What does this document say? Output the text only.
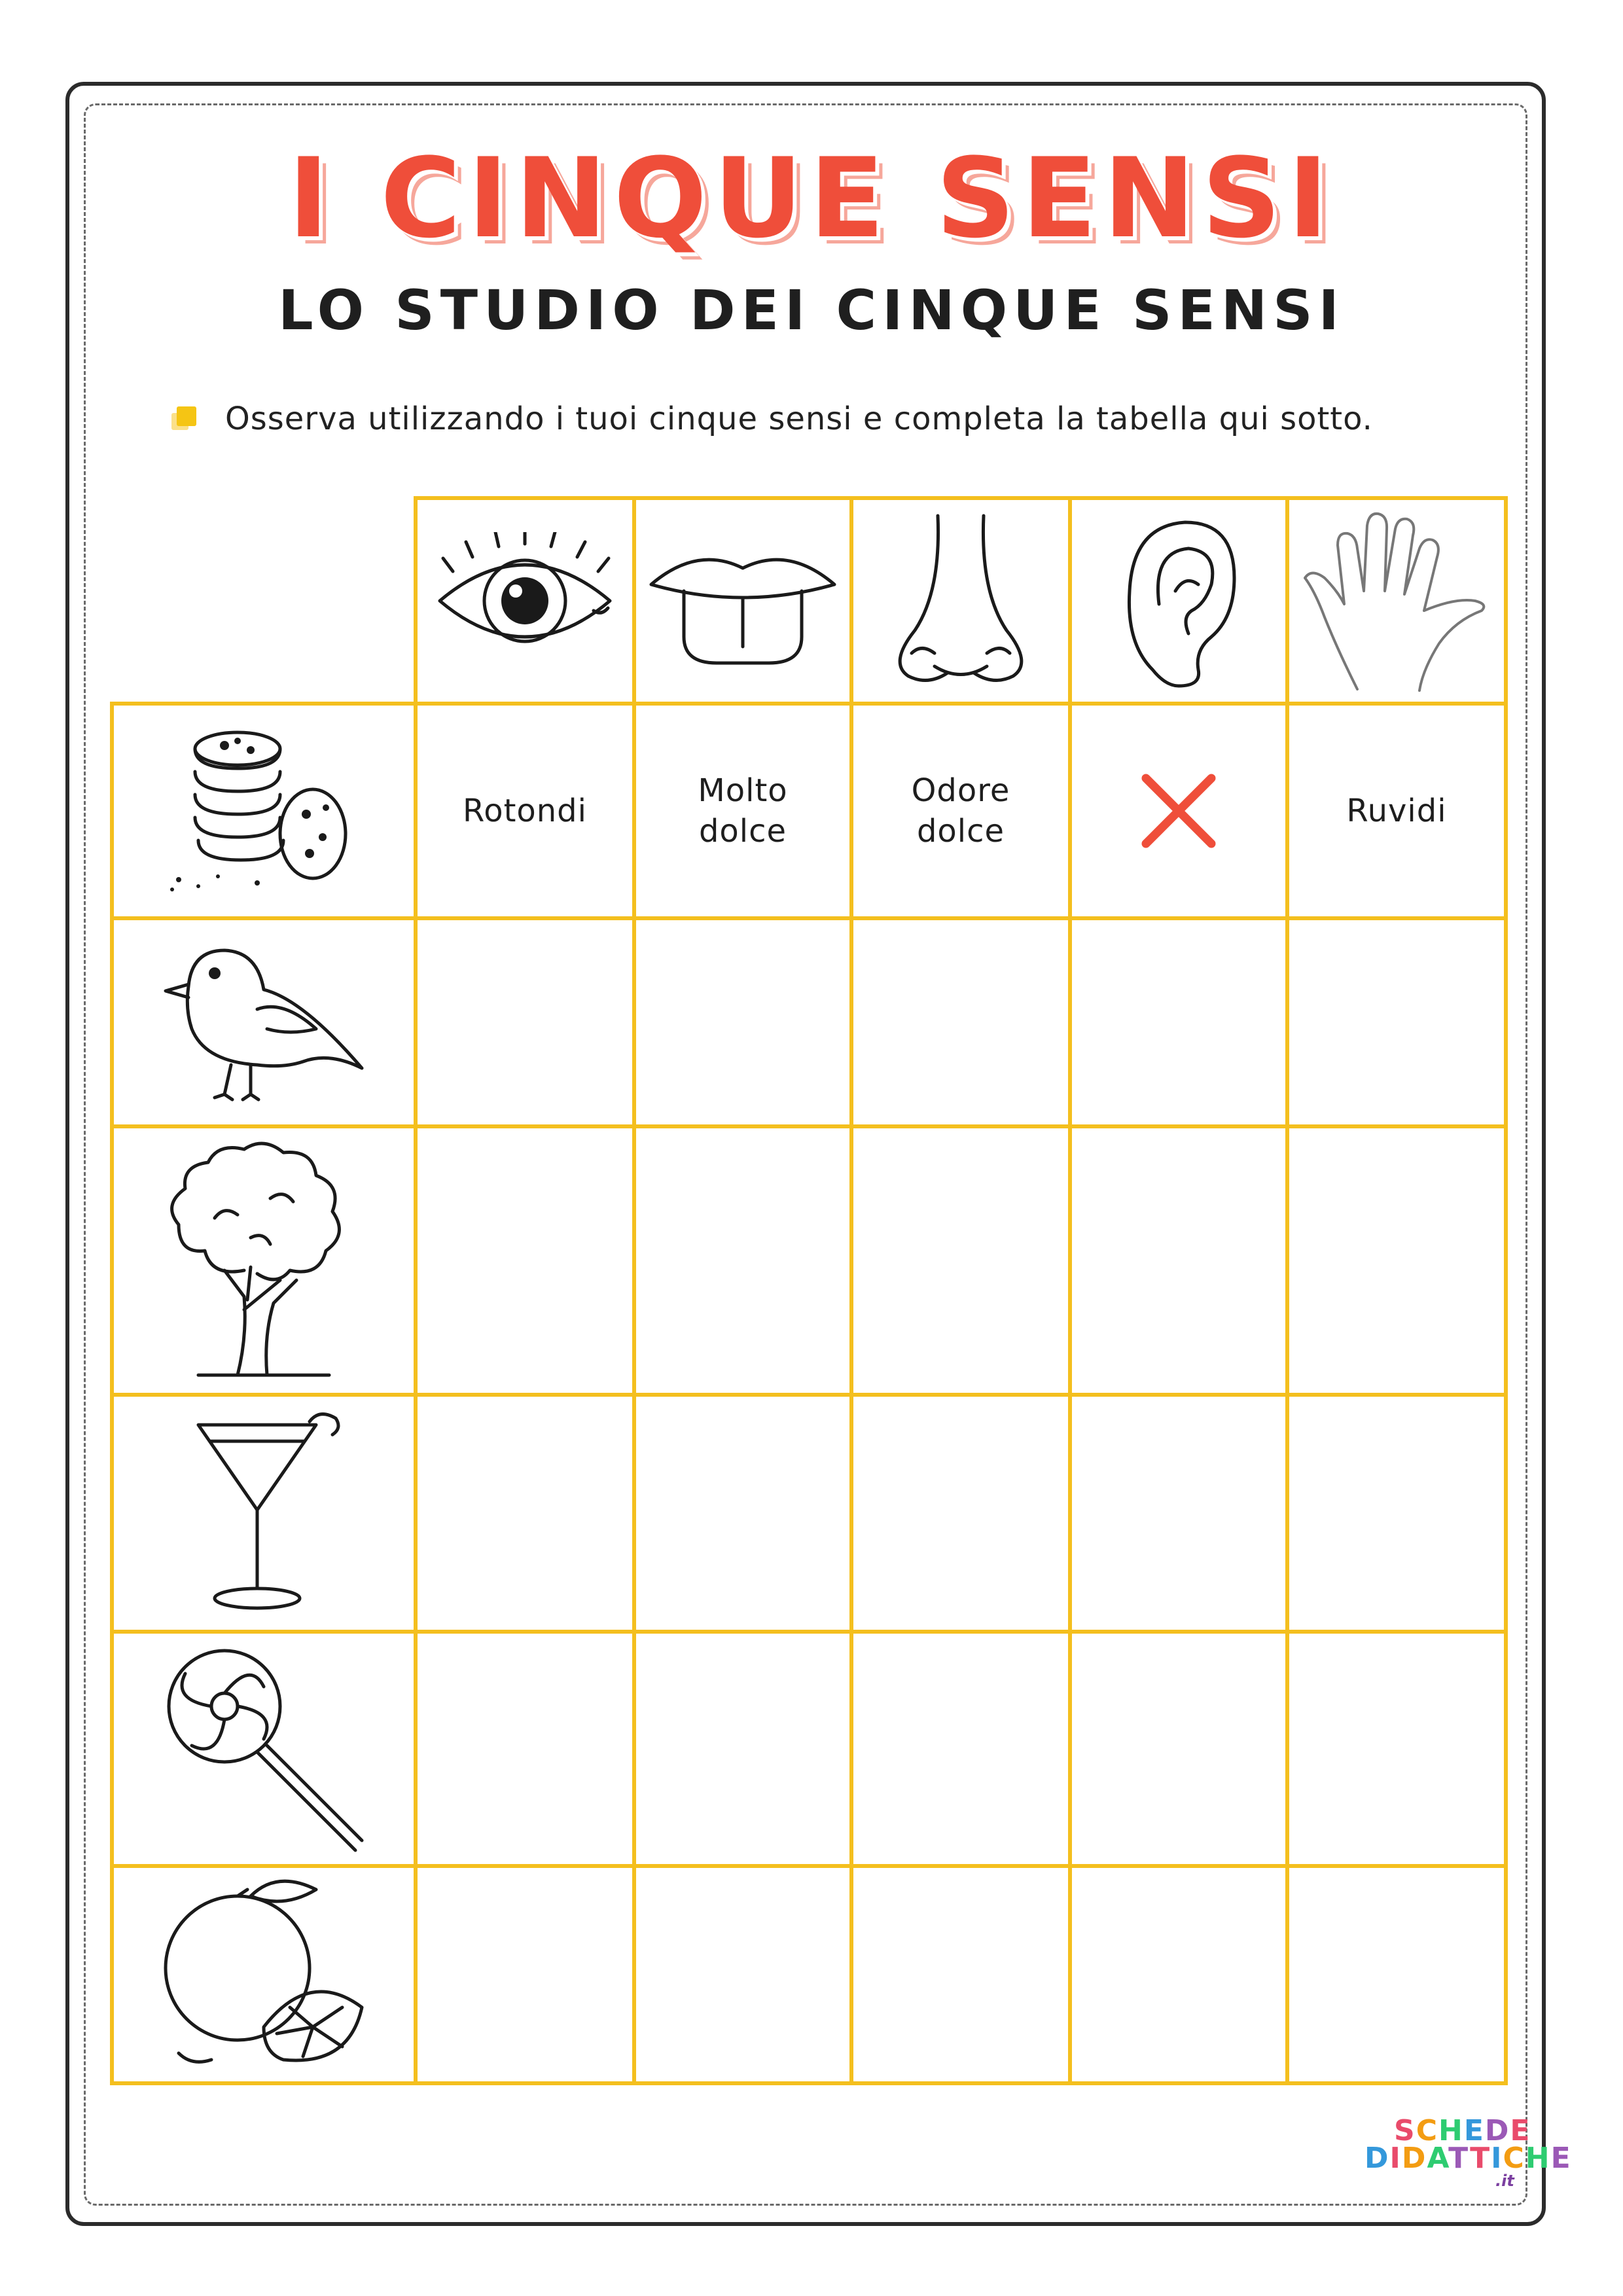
I CINQUE SENSI
LO STUDIO DEI CINQUE SENSI
Osserva utilizzando i tuoi cinque sensi e completa la tabella qui sotto.
Rotondi
Molto dolce
Odore dolce
Ruvidi
SCHEDE
DIDATTICHE
.it
